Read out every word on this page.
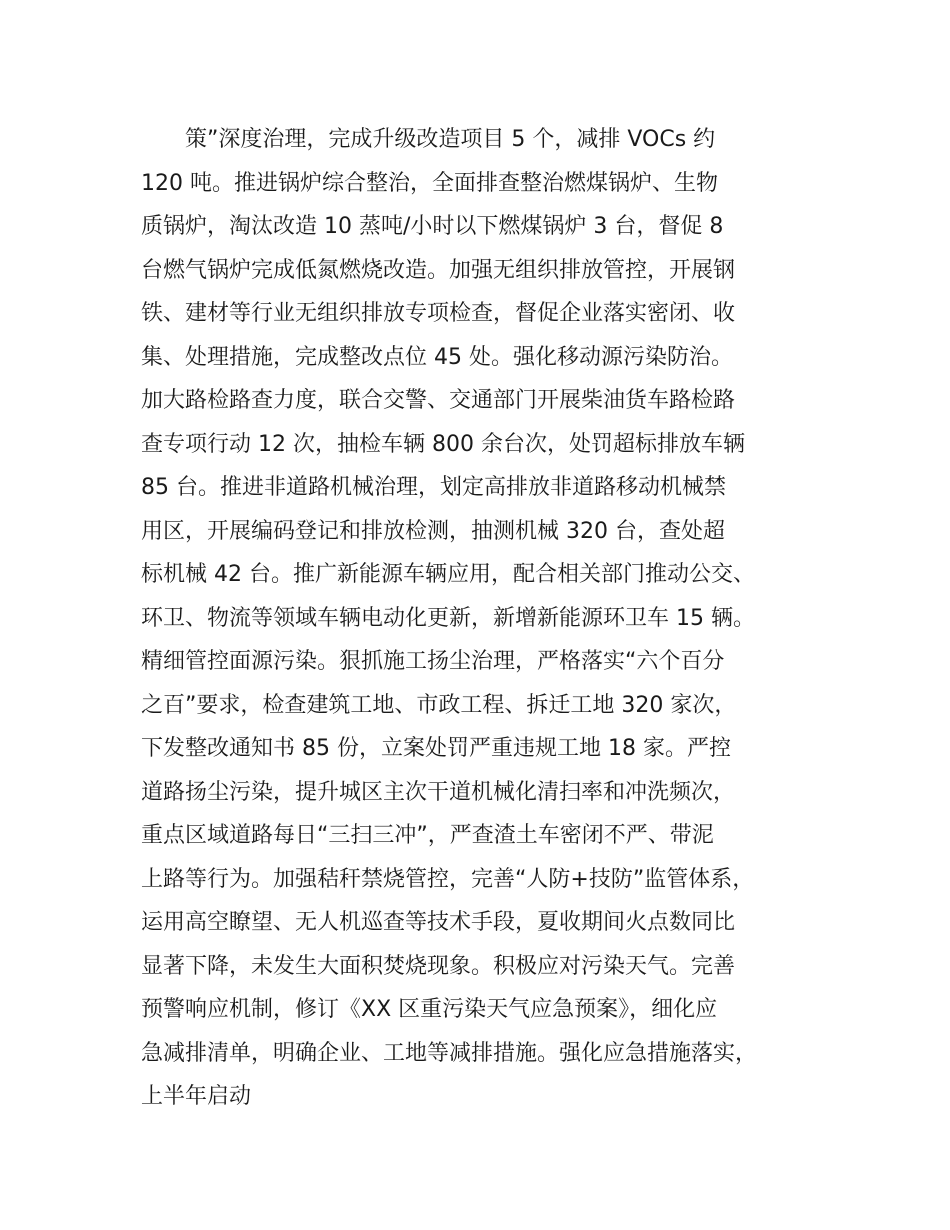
策”深度治理，完成升级改造项目 5 个，减排 VOCs 约
120 吨。推进锅炉综合整治，全面排查整治燃煤锅炉、生物
质锅炉，淘汰改造 10 蒸吨/小时以下燃煤锅炉 3 台，督促 8
台燃气锅炉完成低氮燃烧改造。加强无组织排放管控，开展钢
铁、建材等行业无组织排放专项检查，督促企业落实密闭、收
集、处理措施，完成整改点位 45 处。强化移动源污染防治。
加大路检路查力度，联合交警、交通部门开展柴油货车路检路
查专项行动 12 次，抽检车辆 800 余台次，处罚超标排放车辆
85 台。推进非道路机械治理，划定高排放非道路移动机械禁
用区，开展编码登记和排放检测，抽测机械 320 台，查处超
标机械 42 台。推广新能源车辆应用，配合相关部门推动公交、
环卫、物流等领域车辆电动化更新，新增新能源环卫车 15 辆。
精细管控面源污染。狠抓施工扬尘治理，严格落实“六个百分
之百”要求，检查建筑工地、市政工程、拆迁工地 320 家次，
下发整改通知书 85 份，立案处罚严重违规工地 18 家。严控
道路扬尘污染，提升城区主次干道机械化清扫率和冲洗频次，
重点区域道路每日“三扫三冲”，严查渣土车密闭不严、带泥
上路等行为。加强秸秆禁烧管控，完善“人防+技防”监管体系，
运用高空瞭望、无人机巡查等技术手段，夏收期间火点数同比
显著下降，未发生大面积焚烧现象。积极应对污染天气。完善
预警响应机制，修订《XX 区重污染天气应急预案》，细化应
急减排清单，明确企业、工地等减排措施。强化应急措施落实，
上半年启动
